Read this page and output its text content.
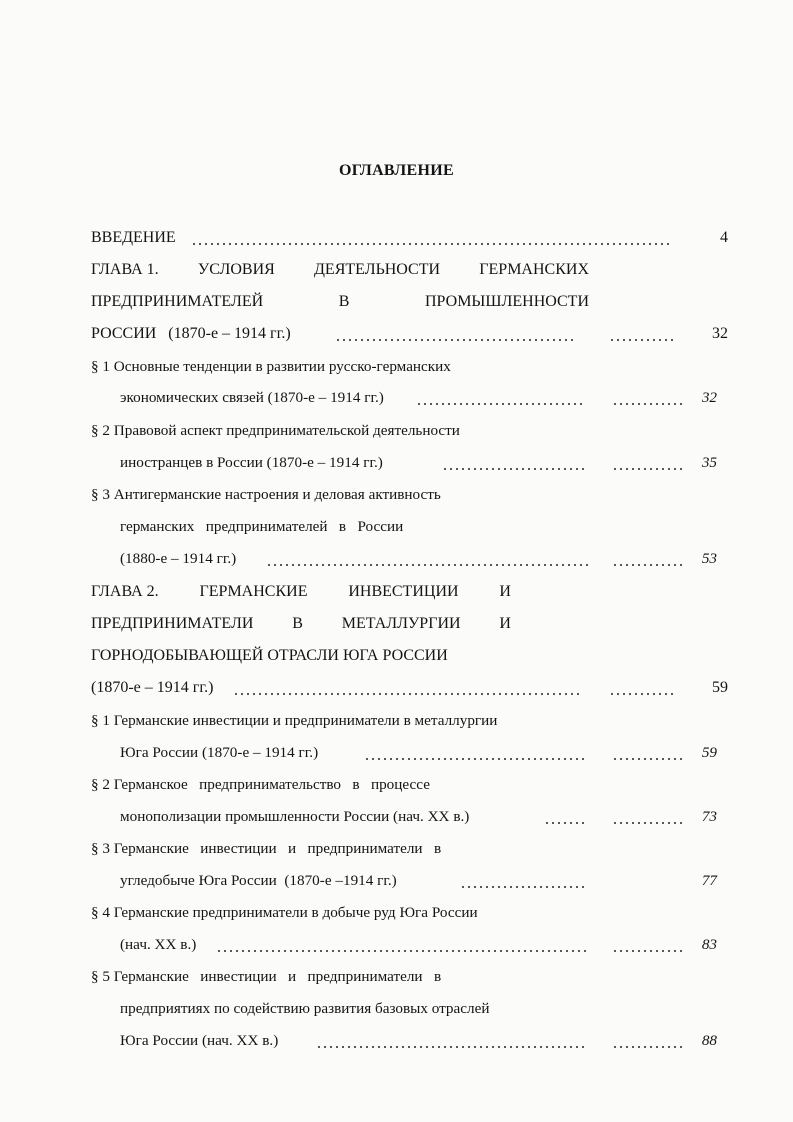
ОГЛАВЛЕНИЕ
ВВЕДЕНИЕ	4
ГЛАВА 1. УСЛОВИЯ ДЕЯТЕЛЬНОСТИ ГЕРМАНСКИХ
ПРЕДПРИНИМАТЕЛЕЙ	В	ПРОМЫШЛЕННОСТИ
РОССИИ   (1870-е – 1914 гг.)	32
§ 1 Основные тенденции в развитии русско-германских
экономических связей (1870-е – 1914 гг.)	32
§ 2 Правовой аспект предпринимательской деятельности
иностранцев в России (1870-е – 1914 гг.)	35
§ 3 Антигерманские настроения и деловая активность
германских   предпринимателей   в   России
(1880-е – 1914 гг.)	53
ГЛАВА 2.	ГЕРМАНСКИЕ	ИНВЕСТИЦИИ	И
ПРЕДПРИНИМАТЕЛИ В МЕТАЛЛУРГИИ И
ГОРНОДОБЫВАЮЩЕЙ ОТРАСЛИ ЮГА РОССИИ
(1870-е – 1914 гг.)	59
§ 1 Германские инвестиции и предприниматели в металлургии
Юга России (1870-е – 1914 гг.)	59
§ 2 Германское   предпринимательство   в   процессе
монополизации промышленности России (нач. XX в.)	73
§ 3 Германские   инвестиции   и   предприниматели   в
угледобыче Юга России  (1870-е –1914 гг.)	77
§ 4 Германские предприниматели в добыче руд Юга России
(нач. XX в.)	83
§ 5 Германские   инвестиции   и   предприниматели   в
предприятиях по содействию развития базовых отраслей
Юга России (нач. XX в.)	88
